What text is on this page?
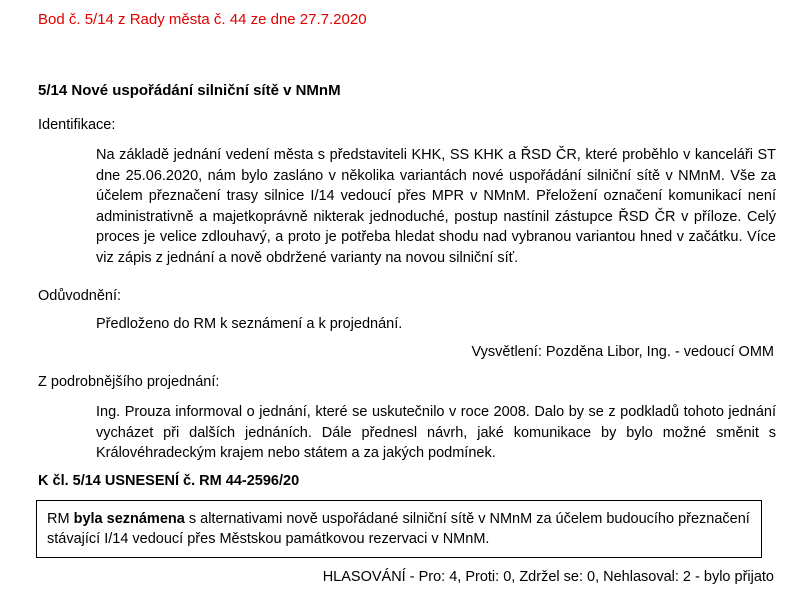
Bod č. 5/14 z Rady města č. 44 ze dne 27.7.2020
5/14 Nové uspořádání silniční sítě v NMnM
Identifikace:
Na základě jednání vedení města s představiteli KHK, SS KHK a ŘSD ČR, které proběhlo v kanceláři ST dne 25.06.2020, nám bylo zasláno v několika variantách nové uspořádání silniční sítě v NMnM. Vše za účelem přeznačení trasy silnice I/14 vedoucí přes MPR v NMnM. Přeložení označení komunikací není administrativně a majetkoprávně nikterak jednoduché, postup nastínil zástupce ŘSD ČR v příloze. Celý proces je velice zdlouhavý, a proto je potřeba hledat shodu nad vybranou variantou hned v začátku. Více viz zápis z jednání a nově obdržené varianty na novou silniční síť.
Odůvodnění:
Předloženo do RM k seznámení a k projednání.
Vysvětlení: Pozděna Libor, Ing. - vedoucí OMM
Z podrobnějšího projednání:
Ing. Prouza informoval o jednání, které se uskutečnilo v roce 2008. Dalo by se z podkladů tohoto jednání vycházet při dalších jednáních. Dále přednesl návrh, jaké komunikace by bylo možné směnit s Královéhradeckým krajem nebo státem a za jakých podmínek.
K čl. 5/14 USNESENÍ č. RM 44-2596/20
RM byla seznámena s alternativami nově uspořádané silniční sítě v NMnM za účelem budoucího přeznačení stávající I/14 vedoucí přes Městskou památkovou rezervaci v NMnM.
HLASOVÁNÍ - Pro: 4, Proti: 0, Zdržel se: 0, Nehlasoval: 2 - bylo přijato
